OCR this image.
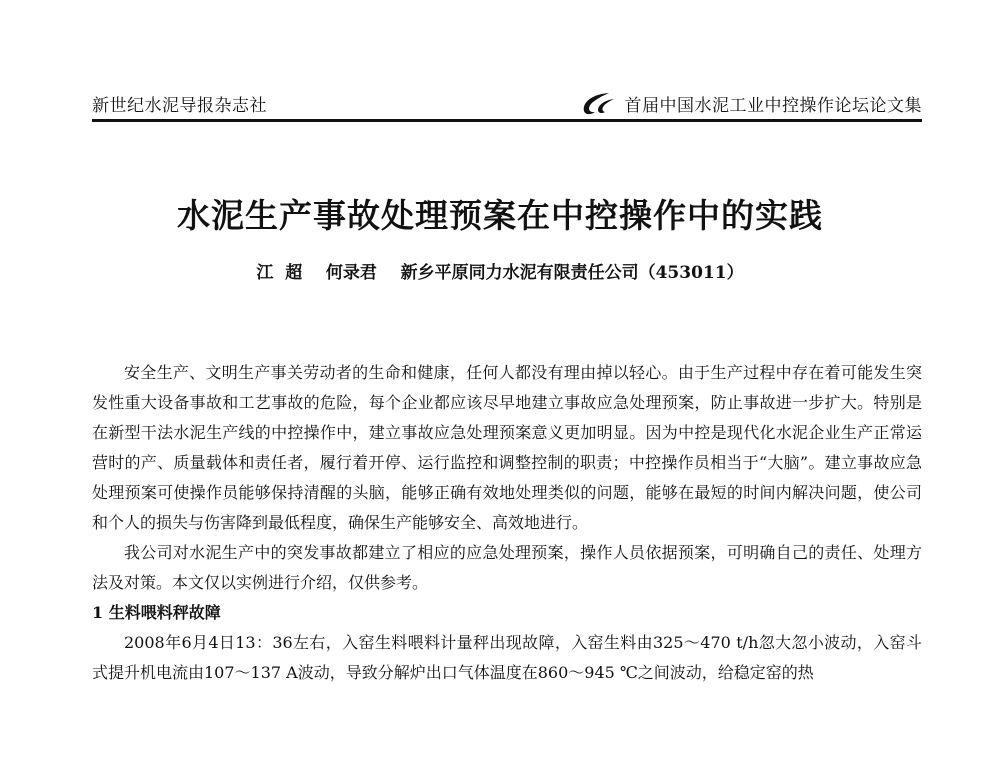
新世纪水泥导报杂志社	首届中国水泥工业中控操作论坛论文集
水泥生产事故处理预案在中控操作中的实践
江  超    何录君    新乡平原同力水泥有限责任公司（453011）

安全生产、文明生产事关劳动者的生命和健康，任何人都没有理由掉以轻心。由于生产过程中存在着可能发生突发性重大设备事故和工艺事故的危险，每个企业都应该尽早地建立事故应急处理预案，防止事故进一步扩大。特别是在新型干法水泥生产线的中控操作中，建立事故应急处理预案意义更加明显。因为中控是现代化水泥企业生产正常运营时的产、质量载体和责任者，履行着开停、运行监控和调整控制的职责；中控操作员相当于“大脑”。建立事故应急处理预案可使操作员能够保持清醒的头脑，能够正确有效地处理类似的问题，能够在最短的时间内解决问题，使公司和个人的损失与伤害降到最低程度，确保生产能够安全、高效地进行。

我公司对水泥生产中的突发事故都建立了相应的应急处理预案，操作人员依据预案，可明确自己的责任、处理方法及对策。本文仅以实例进行介绍，仅供参考。

1 生料喂料秤故障

2008年6月4日13：36左右，入窑生料喂料计量秤出现故障，入窑生料由325～470 t/h忽大忽小波动，入窑斗式提升机电流由107～137 A波动，导致分解炉出口气体温度在860～945 ℃之间波动，给稳定窑的热
